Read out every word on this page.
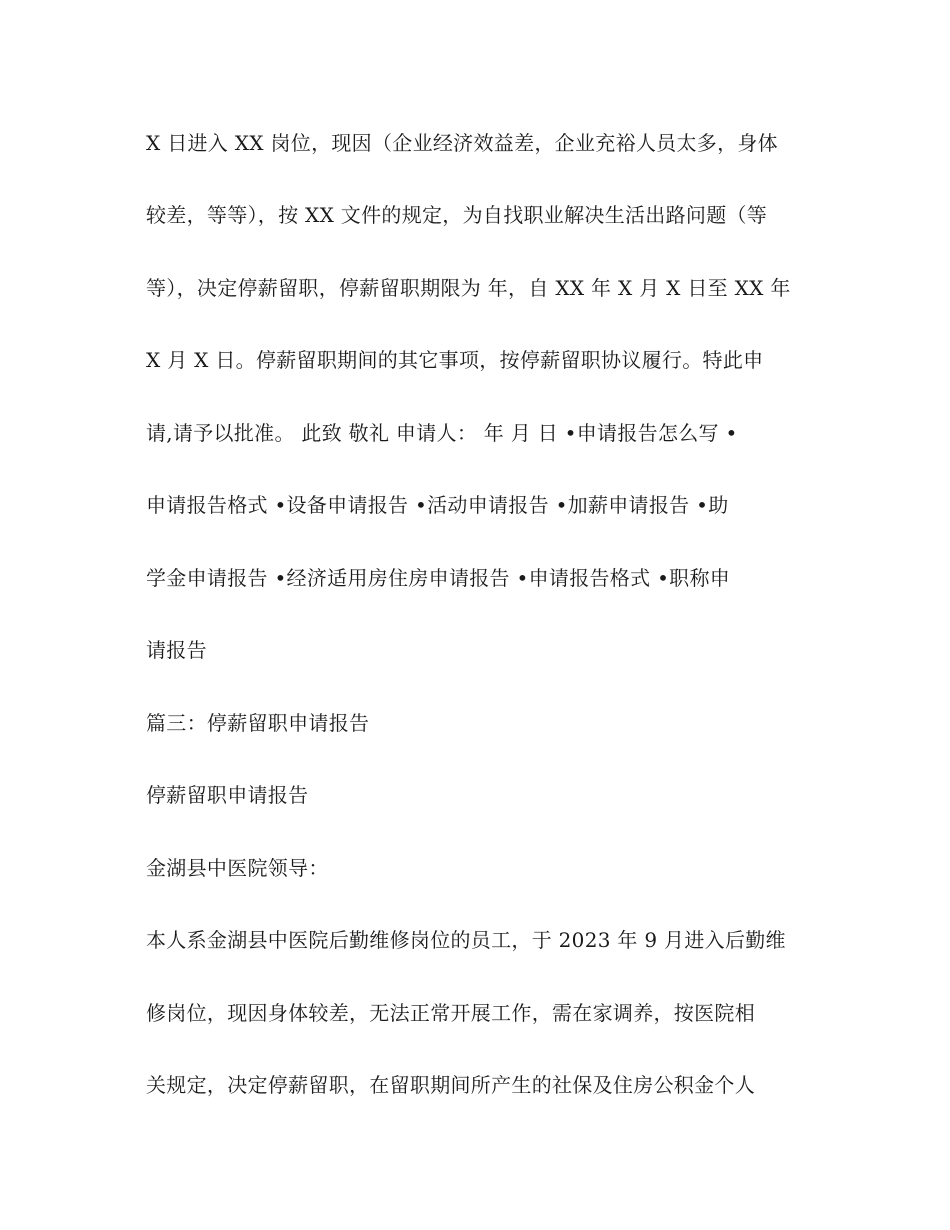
X 日进入 XX 岗位，现因（企业经济效益差，企业充裕人员太多，身体
较差，等等），按 XX 文件的规定，为自找职业解决生活出路问题（等
等），决定停薪留职，停薪留职期限为 年，自 XX 年 X 月 X 日至 XX 年
X 月 X 日。停薪留职期间的其它事项，按停薪留职协议履行。特此申
请,请予以批准。 此致 敬礼 申请人： 年 月 日 •申请报告怎么写 •
申请报告格式 •设备申请报告 •活动申请报告 •加薪申请报告 •助
学金申请报告 •经济适用房住房申请报告 •申请报告格式 •职称申
请报告
篇三：停薪留职申请报告
停薪留职申请报告
金湖县中医院领导：
本人系金湖县中医院后勤维修岗位的员工，于 2023 年 9 月进入后勤维
修岗位，现因身体较差，无法正常开展工作，需在家调养，按医院相
关规定，决定停薪留职，在留职期间所产生的社保及住房公积金个人
